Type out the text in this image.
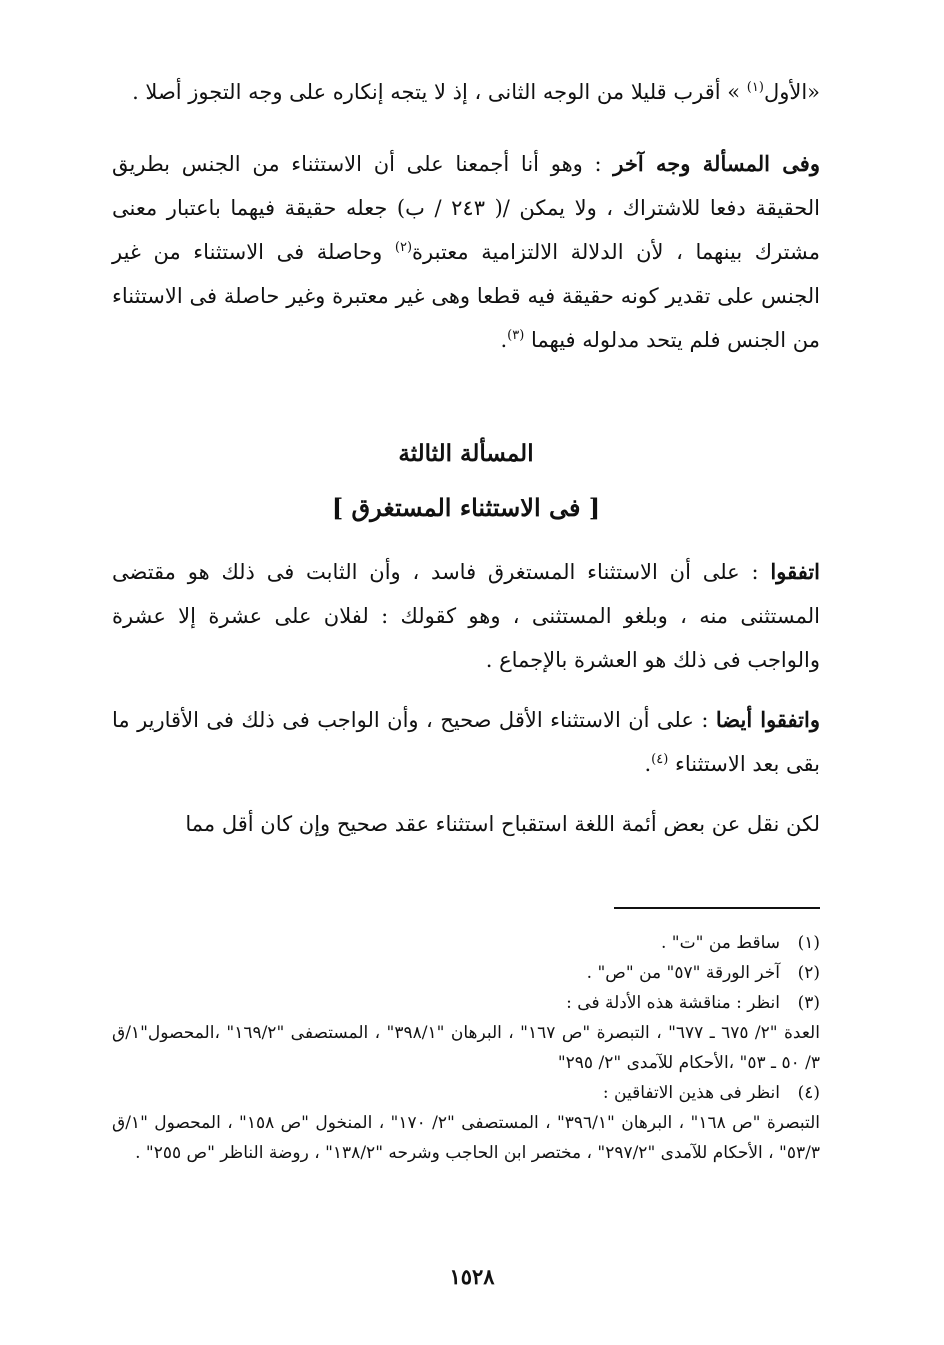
«الأول$^{(١)}$ » أقرب قليلا من الوجه الثانى ، إذ لا يتجه إنكاره على وجه التجوز أصلا .

وفى المسألة وجه آخر : وهو أنا أجمعنا على أن الاستثناء من الجنس بطريق الحقيقة دفعا للاشتراك ، ولا يمكن /( ٢٤٣ / ب) جعله حقيقة فيهما باعتبار معنى مشترك بينهما ، لأن الدلالة الالتزامية معتبرة$^{(٢)}$ وحاصلة فى الاستثناء من غير الجنس على تقدير كونه حقيقة فيه قطعا وهى غير معتبرة وغير حاصلة فى الاستثناء من الجنس فلم يتحد مدلوله فيهما $^{(٣)}$.

المسألة الثالثة

[ فى الاستثناء المستغرق ]

اتفقوا : على أن الاستثناء المستغرق فاسد ، وأن الثابت فى ذلك هو مقتضى المستثنى منه ، وبلغو المستثنى ، وهو كقولك : لفلان على عشرة إلا عشرة والواجب فى ذلك هو العشرة بالإجماع .

واتفقوا أيضا : على أن الاستثناء الأقل صحيح ، وأن الواجب فى ذلك فى الأقارير ما بقى بعد الاستثناء $^{(٤)}$.

لكن نقل عن بعض أئمة اللغة استقباح استثناء عقد صحيح وإن كان أقل مما

(١)ساقط من "ت" .

(٢)آخر الورقة "٥٧" من "ص" .

(٣)انظر : مناقشة هذه الأدلة فى :

العدة "٢/ ٦٧٥ ـ ٦٧٧" ، التبصرة "ص ١٦٧" ، البرهان "٣٩٨/١" ، المستصفى "١٦٩/٢" ،المحصول"١/ق ٣/ ٥٠ ـ ٥٣" ،الأحكام للآمدى "٢/ ٢٩٥"

(٤)انظر فى هذين الاتفاقين :

التبصرة "ص ١٦٨" ، البرهان "٣٩٦/١" ، المستصفى "٢/ ١٧٠" ، المنخول "ص ١٥٨" ، المحصول "١/ق ٥٣/٣" ، الأحكام للآمدى "٢٩٧/٢" ، مختصر ابن الحاجب وشرحه "١٣٨/٢" ، روضة الناظر "ص ٢٥٥" .

١٥٢٨
